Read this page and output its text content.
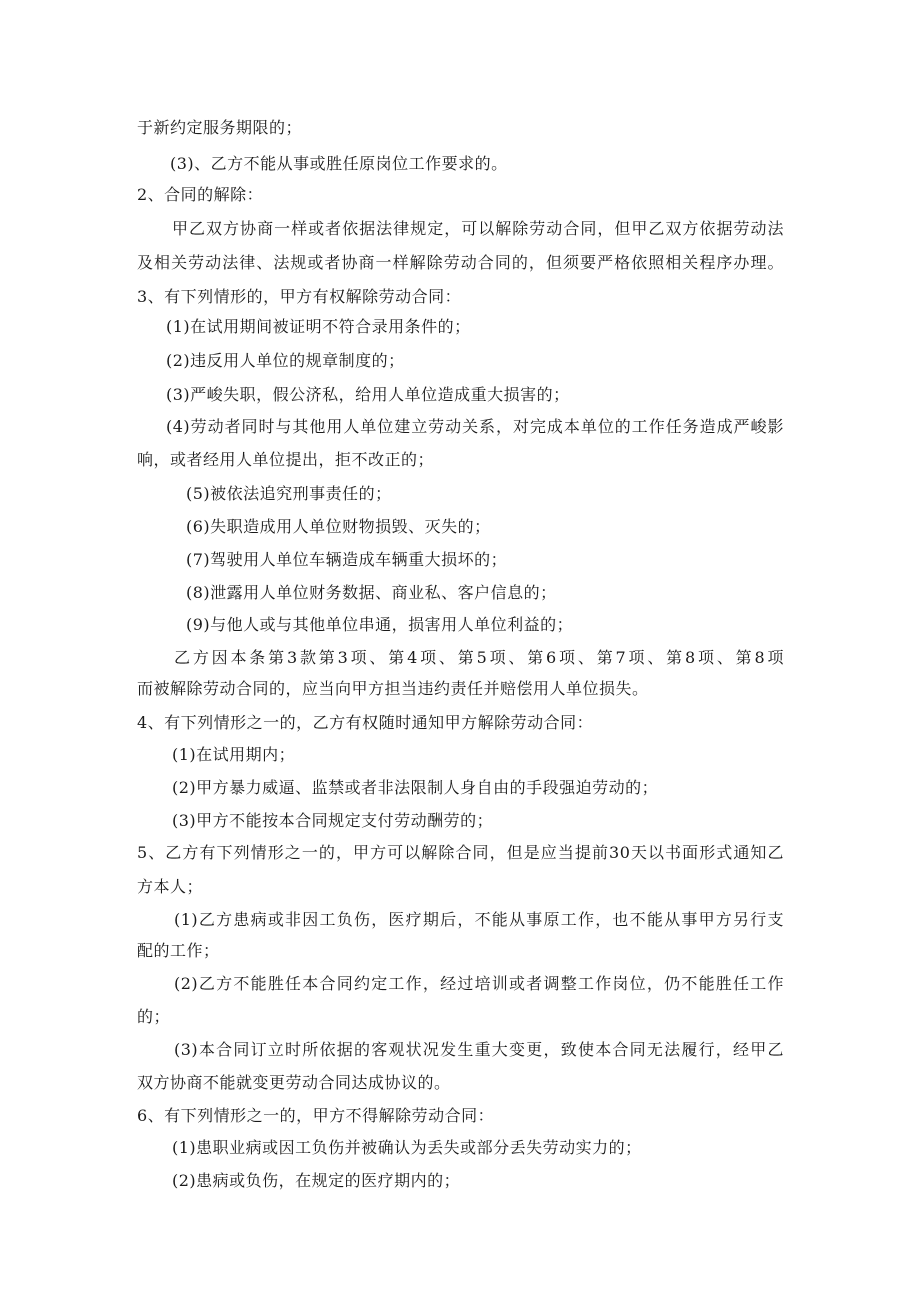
于新约定服务期限的；
(3)、乙方不能从事或胜任原岗位工作要求的。
2、合同的解除：
甲乙双方协商一样或者依据法律规定，可以解除劳动合同，但甲乙双方依据劳动法
及相关劳动法律、法规或者协商一样解除劳动合同的，但须要严格依照相关程序办理。
3、有下列情形的，甲方有权解除劳动合同：
(1)在试用期间被证明不符合录用条件的；
(2)违反用人单位的规章制度的；
(3)严峻失职，假公济私，给用人单位造成重大损害的；
(4)劳动者同时与其他用人单位建立劳动关系，对完成本单位的工作任务造成严峻影
响，或者经用人单位提出，拒不改正的；
(5)被依法追究刑事责任的；
(6)失职造成用人单位财物损毁、灭失的；
(7)驾驶用人单位车辆造成车辆重大损坏的；
(8)泄露用人单位财务数据、商业私、客户信息的；
(9)与他人或与其他单位串通，损害用人单位利益的；
乙方因本条第3款第3项、第4项、第5项、第6项、第7项、第8项、第8项
而被解除劳动合同的，应当向甲方担当违约责任并赔偿用人单位损失。
4、有下列情形之一的，乙方有权随时通知甲方解除劳动合同：
(1)在试用期内；
(2)甲方暴力威逼、监禁或者非法限制人身自由的手段强迫劳动的；
(3)甲方不能按本合同规定支付劳动酬劳的；
5、乙方有下列情形之一的，甲方可以解除合同，但是应当提前30天以书面形式通知乙
方本人；
(1)乙方患病或非因工负伤，医疗期后，不能从事原工作，也不能从事甲方另行支
配的工作；
(2)乙方不能胜任本合同约定工作，经过培训或者调整工作岗位，仍不能胜任工作
的；
(3)本合同订立时所依据的客观状况发生重大变更，致使本合同无法履行，经甲乙
双方协商不能就变更劳动合同达成协议的。
6、有下列情形之一的，甲方不得解除劳动合同：
(1)患职业病或因工负伤并被确认为丢失或部分丢失劳动实力的；
(2)患病或负伤，在规定的医疗期内的；
